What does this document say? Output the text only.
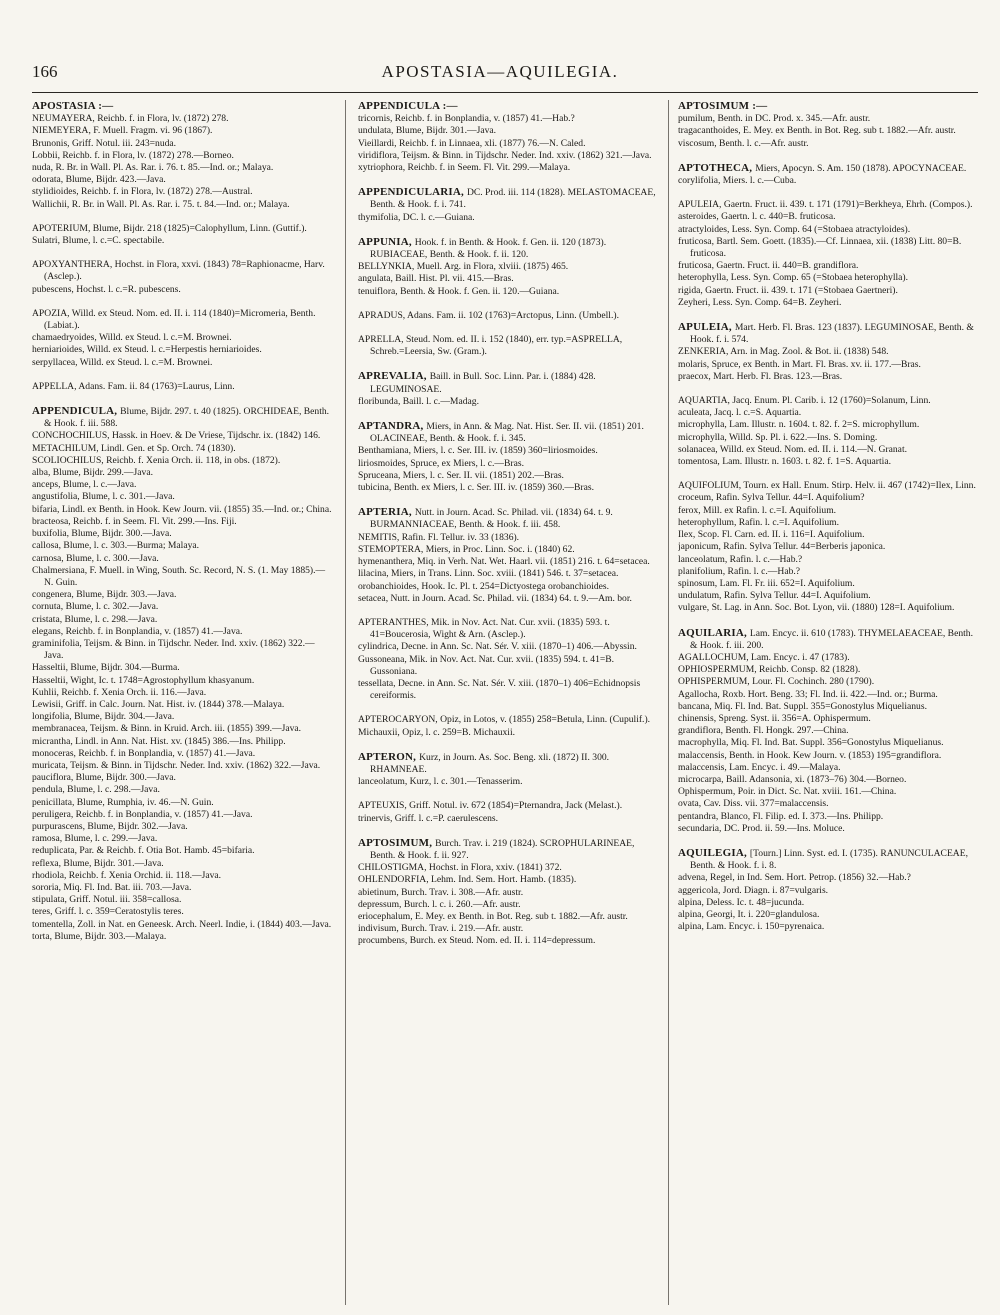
166	APOSTASIA—AQUILEGIA.
APOSTASIA :—
NEUMAYERA, Reichb. f. in Flora, lv. (1872) 278.
NIEMEYERA, F. Muell. Fragm. vi. 96 (1867).
Brunonis, Griff. Notul. iii. 243=nuda.
Lobbii, Reichb. f. in Flora, lv. (1872) 278.—Borneo.
nuda, R. Br. in Wall. Pl. As. Rar. i. 76. t. 85.—Ind. or.; Malaya.
odorata, Blume, Bijdr. 423.—Java.
stylidioides, Reichb. f. in Flora, lv. (1872) 278.—Austral.
Wallichii, R. Br. in Wall. Pl. As. Rar. i. 75. t. 84.—Ind. or.; Malaya.
APOTERIUM, Blume, Bijdr. 218 (1825)=Calophyllum, Linn. (Guttif.).
Sulatri, Blume, l. c.=C. spectabile.
APOXYANTHERA, Hochst. in Flora, xxvi. (1843) 78=Raphionacme, Harv. (Asclep.).
pubescens, Hochst. l. c.=R. pubescens.
APOZIA, Willd. ex Steud. Nom. ed. II. i. 114 (1840)=Micromeria, Benth. (Labiat.).
chamaedryoides, Willd. ex Steud. l. c.=M. Brownei.
herniarioides, Willd. ex Steud. l. c.=Herpestis herniarioides.
serpyllacea, Willd. ex Steud. l. c.=M. Brownei.
APPELLA, Adans. Fam. ii. 84 (1763)=Laurus, Linn.
APPENDICULA, Blume, Bijdr. 297. t. 40 (1825). ORCHIDEAE, Benth. & Hook. f. iii. 588.
CONCHOCHILUS, Hassk. in Hoev. & De Vriese, Tijdschr. ix. (1842) 146.
METACHILUM, Lindl. Gen. et Sp. Orch. 74 (1830).
SCOLIOCHILUS, Reichb. f. Xenia Orch. ii. 118, in obs. (1872).
alba, Blume, Bijdr. 299.—Java.
anceps, Blume, l. c.—Java.
angustifolia, Blume, l. c. 301.—Java.
bifaria, Lindl. ex Benth. in Hook. Kew Journ. vii. (1855) 35.—Ind. or.; China.
bracteosa, Reichb. f. in Seem. Fl. Vit. 299.—Ins. Fiji.
buxifolia, Blume, Bijdr. 300.—Java.
callosa, Blume, l. c. 303.—Burma; Malaya.
carnosa, Blume, l. c. 300.—Java.
Chalmersiana, F. Muell. in Wing, South. Sc. Record, N. S. (1. May 1885).—N. Guin.
congenera, Blume, Bijdr. 303.—Java.
cornuta, Blume, l. c. 302.—Java.
cristata, Blume, l. c. 298.—Java.
elegans, Reichb. f. in Bonplandia, v. (1857) 41.—Java.
graminifolia, Teijsm. & Binn. in Tijdschr. Neder. Ind. xxiv. (1862) 322.—Java.
Hasseltii, Blume, Bijdr. 304.—Burma.
Hasseltii, Wight, Ic. t. 1748=Agrostophyllum khasyanum.
Kuhlii, Reichb. f. Xenia Orch. ii. 116.—Java.
Lewisii, Griff. in Calc. Journ. Nat. Hist. iv. (1844) 378.—Malaya.
longifolia, Blume, Bijdr. 304.—Java.
membranacea, Teijsm. & Binn. in Kruid. Arch. iii. (1855) 399.—Java.
micrantha, Lindl. in Ann. Nat. Hist. xv. (1845) 386.—Ins. Philipp.
monoceras, Reichb. f. in Bonplandia, v. (1857) 41.—Java.
muricata, Teijsm. & Binn. in Tijdschr. Neder. Ind. xxiv. (1862) 322.—Java.
pauciflora, Blume, Bijdr. 300.—Java.
pendula, Blume, l. c. 298.—Java.
penicillata, Blume, Rumphia, iv. 46.—N. Guin.
peruligera, Reichb. f. in Bonplandia, v. (1857) 41.—Java.
purpurascens, Blume, Bijdr. 302.—Java.
ramosa, Blume, l. c. 299.—Java.
reduplicata, Par. & Reichb. f. Otia Bot. Hamb. 45=bifaria.
reflexa, Blume, Bijdr. 301.—Java.
rhodiola, Reichb. f. Xenia Orchid. ii. 118.—Java.
sororia, Miq. Fl. Ind. Bat. iii. 703.—Java.
stipulata, Griff. Notul. iii. 358=callosa.
teres, Griff. l. c. 359=Ceratostylis teres.
tomentella, Zoll. in Nat. en Geneesk. Arch. Neerl. Indie, i. (1844) 403.—Java.
torta, Blume, Bijdr. 303.—Malaya.
APPENDICULA :—
tricornis, Reichb. f. in Bonplandia, v. (1857) 41.—Hab.?
undulata, Blume, Bijdr. 301.—Java.
Vieillardi, Reichb. f. in Linnaea, xli. (1877) 76.—N. Caled.
viridiflora, Teijsm. & Binn. in Tijdschr. Neder. Ind. xxiv. (1862) 321.—Java.
xytriophora, Reichb. f. in Seem. Fl. Vit. 299.—Malaya.
APPENDICULARIA, DC. Prod. iii. 114 (1828). MELASTOMACEAE, Benth. & Hook. f. i. 741.
thymifolia, DC. l. c.—Guiana.
APPUNIA, Hook. f. in Benth. & Hook. f. Gen. ii. 120 (1873). RUBIACEAE, Benth. & Hook. f. ii. 120.
BELLYNKIA, Muell. Arg. in Flora, xlviii. (1875) 465.
angulata, Baill. Hist. Pl. vii. 415.—Bras.
tenuiflora, Benth. & Hook. f. Gen. ii. 120.—Guiana.
APRADUS, Adans. Fam. ii. 102 (1763)=Arctopus, Linn. (Umbell.).
APRELLA, Steud. Nom. ed. II. i. 152 (1840), err. typ.=ASPRELLA, Schreb.=Leersia, Sw. (Gram.).
APREVALIA, Baill. in Bull. Soc. Linn. Par. i. (1884) 428. LEGUMINOSAE.
floribunda, Baill. l. c.—Madag.
APTANDRA, Miers, in Ann. & Mag. Nat. Hist. Ser. II. vii. (1851) 201. OLACINEAE, Benth. & Hook. f. i. 345.
Benthamiana, Miers, l. c. Ser. III. iv. (1859) 360=liriosmoides.
liriosmoides, Spruce, ex Miers, l. c.—Bras.
Spruceana, Miers, l. c. Ser. II. vii. (1851) 202.—Bras.
tubicina, Benth. ex Miers, l. c. Ser. III. iv. (1859) 360.—Bras.
APTERIA, Nutt. in Journ. Acad. Sc. Philad. vii. (1834) 64. t. 9. BURMANNIACEAE, Benth. & Hook. f. iii. 458.
NEMITIS, Rafin. Fl. Tellur. iv. 33 (1836).
STEMOPTERA, Miers, in Proc. Linn. Soc. i. (1840) 62.
hymenanthera, Miq. in Verh. Nat. Wet. Haarl. vii. (1851) 216. t. 64=setacea.
lilacina, Miers, in Trans. Linn. Soc. xviii. (1841) 546. t. 37=setacea.
orobanchioides, Hook. Ic. Pl. t. 254=Dictyostega orobanchioides.
setacea, Nutt. in Journ. Acad. Sc. Philad. vii. (1834) 64. t. 9.—Am. bor.
APTERANTHES, Mik. in Nov. Act. Nat. Cur. xvii. (1835) 593. t. 41=Boucerosia, Wight & Arn. (Asclep.).
cylindrica, Decne. in Ann. Sc. Nat. Sér. V. xiii. (1870–1) 406.—Abyssin.
Gussoneana, Mik. in Nov. Act. Nat. Cur. xvii. (1835) 594. t. 41=B. Gussoniana.
tessellata, Decne. in Ann. Sc. Nat. Sér. V. xiii. (1870–1) 406=Echidnopsis cereiformis.
APTEROCARYON, Opiz, in Lotos, v. (1855) 258=Betula, Linn. (Cupulif.).
Michauxii, Opiz, l. c. 259=B. Michauxii.
APTERON, Kurz, in Journ. As. Soc. Beng. xli. (1872) II. 300. RHAMNEAE.
lanceolatum, Kurz, l. c. 301.—Tenasserim.
APTEUXIS, Griff. Notul. iv. 672 (1854)=Pternandra, Jack (Melast.).
trinervis, Griff. l. c.=P. caerulescens.
APTOSIMUM, Burch. Trav. i. 219 (1824). SCROPHULARINEAE, Benth. & Hook. f. ii. 927.
CHILOSTIGMA, Hochst. in Flora, xxiv. (1841) 372.
OHLENDORFIA, Lehm. Ind. Sem. Hort. Hamb. (1835).
abietinum, Burch. Trav. i. 308.—Afr. austr.
depressum, Burch. l. c. i. 260.—Afr. austr.
eriocephalum, E. Mey. ex Benth. in Bot. Reg. sub t. 1882.—Afr. austr.
indivisum, Burch. Trav. i. 219.—Afr. austr.
procumbens, Burch. ex Steud. Nom. ed. II. i. 114=depressum.
APTOSIMUM :—
pumilum, Benth. in DC. Prod. x. 345.—Afr. austr.
tragacanthoides, E. Mey. ex Benth. in Bot. Reg. sub t. 1882.—Afr. austr.
viscosum, Benth. l. c.—Afr. austr.
APTOTHECA, Miers, Apocyn. S. Am. 150 (1878). APOCYNACEAE.
corylifolia, Miers. l. c.—Cuba.
APULEIA, Gaertn. Fruct. ii. 439. t. 171 (1791)=Berkheya, Ehrh. (Compos.).
asteroides, Gaertn. l. c. 440=B. fruticosa.
atractyloides, Less. Syn. Comp. 64 (=Stobaea atractyloides).
fruticosa, Bartl. Sem. Goett. (1835).—Cf. Linnaea, xii. (1838) Litt. 80=B. fruticosa.
fruticosa, Gaertn. Fruct. ii. 440=B. grandiflora.
heterophylla, Less. Syn. Comp. 65 (=Stobaea heterophylla).
rigida, Gaertn. Fruct. ii. 439. t. 171 (=Stobaea Gaertneri).
Zeyheri, Less. Syn. Comp. 64=B. Zeyheri.
APULEIA, Mart. Herb. Fl. Bras. 123 (1837). LEGUMINOSAE, Benth. & Hook. f. i. 574.
ZENKERIA, Arn. in Mag. Zool. & Bot. ii. (1838) 548.
molaris, Spruce, ex Benth. in Mart. Fl. Bras. xv. ii. 177.—Bras.
praecox, Mart. Herb. Fl. Bras. 123.—Bras.
AQUARTIA, Jacq. Enum. Pl. Carib. i. 12 (1760)=Solanum, Linn.
aculeata, Jacq. l. c.=S. Aquartia.
microphylla, Lam. Illustr. n. 1604. t. 82. f. 2=S. microphyllum.
microphylla, Willd. Sp. Pl. i. 622.—Ins. S. Doming.
solanacea, Willd. ex Steud. Nom. ed. II. i. 114.—N. Granat.
tomentosa, Lam. Illustr. n. 1603. t. 82. f. 1=S. Aquartia.
AQUIFOLIUM, Tourn. ex Hall. Enum. Stirp. Helv. ii. 467 (1742)=Ilex, Linn.
croceum, Rafin. Sylva Tellur. 44=I. Aquifolium?
ferox, Mill. ex Rafin. l. c.=I. Aquifolium.
heterophyllum, Rafin. l. c.=I. Aquifolium.
Ilex, Scop. Fl. Carn. ed. II. i. 116=I. Aquifolium.
japonicum, Rafin. Sylva Tellur. 44=Berberis japonica.
lanceolatum, Rafin. l. c.—Hab.?
planifolium, Rafin. l. c.—Hab.?
spinosum, Lam. Fl. Fr. iii. 652=I. Aquifolium.
undulatum, Rafin. Sylva Tellur. 44=I. Aquifolium.
vulgare, St. Lag. in Ann. Soc. Bot. Lyon, vii. (1880) 128=I. Aquifolium.
AQUILARIA, Lam. Encyc. ii. 610 (1783). THYMELAEACEAE, Benth. & Hook. f. iii. 200.
AGALLOCHUM, Lam. Encyc. i. 47 (1783).
OPHIOSPERMUM, Reichb. Consp. 82 (1828).
OPHISPERMUM, Lour. Fl. Cochinch. 280 (1790).
Agallocha, Roxb. Hort. Beng. 33; Fl. Ind. ii. 422.—Ind. or.; Burma.
bancana, Miq. Fl. Ind. Bat. Suppl. 355=Gonostylus Miquelianus.
chinensis, Spreng. Syst. ii. 356=A. Ophispermum.
grandiflora, Benth. Fl. Hongk. 297.—China.
macrophylla, Miq. Fl. Ind. Bat. Suppl. 356=Gonostylus Miquelianus.
malaccensis, Benth. in Hook. Kew Journ. v. (1853) 195=grandiflora.
malaccensis, Lam. Encyc. i. 49.—Malaya.
microcarpa, Baill. Adansonia, xi. (1873–76) 304.—Borneo.
Ophispermum, Poir. in Dict. Sc. Nat. xviii. 161.—China.
ovata, Cav. Diss. vii. 377=malaccensis.
pentandra, Blanco, Fl. Filip. ed. I. 373.—Ins. Philipp.
secundaria, DC. Prod. ii. 59.—Ins. Moluce.
AQUILEGIA, [Tourn.] Linn. Syst. ed. I. (1735). RANUNCULACEAE, Benth. & Hook. f. i. 8.
advena, Regel, in Ind. Sem. Hort. Petrop. (1856) 32.—Hab.?
aggericola, Jord. Diagn. i. 87=vulgaris.
alpina, Deless. Ic. t. 48=jucunda.
alpina, Georgi, It. i. 220=glandulosa.
alpina, Lam. Encyc. i. 150=pyrenaica.
